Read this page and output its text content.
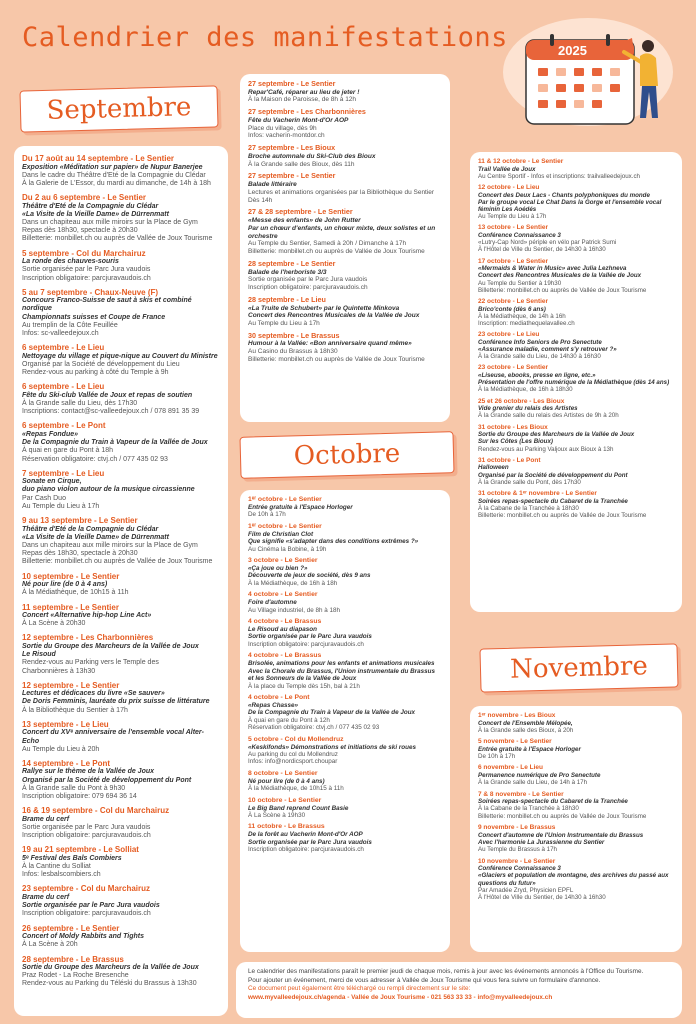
Calendrier des manifestations	2025
Septembre
Octobre
Novembre
Du 17 août au 14 septembre - Le Sentier
Exposition «Méditation sur papier» de Nupur Banerjee
Dans le cadre du Théâtre d'Eté de la Compagnie du Clédar
À la Galerie de L'Essor, du mardi au dimanche, de 14h à 18h
Du 2 au 6 septembre - Le Sentier
Théâtre d'Eté de la Compagnie du Clédar
«La Visite de la Vieille Dame» de Dürrenmatt
Dans un chapiteau aux mille miroirs sur la Place de Gym
Repas dès 18h30, spectacle à 20h30
Billetterie: monbillet.ch ou auprès de Vallée de Joux Tourisme
5 septembre - Col du Marchairuz
La ronde des chauves-souris
Sortie organisée par le Parc Jura vaudois
Inscription obligatoire: parcjuravaudois.ch
5 au 7 septembre - Chaux-Neuve (F)
Concours Franco-Suisse de saut à skis et combiné nordique
Championnats suisses et Coupe de France
Au tremplin de la Côte Feuillée
Infos: sc-valleedejoux.ch
6 septembre - Le Lieu
Nettoyage du village et pique-nique au Couvert du Ministre
Organisé par la Société de développement du Lieu
Rendez-vous au parking à côté du Temple à 9h
6 septembre - Le Lieu
Fête du Ski-club Vallée de Joux et repas de soutien
À la Grande salle du Lieu, dès 17h30
Inscriptions: contact@sc-valleedejoux.ch / 078 891 35 39
6 septembre - Le Pont
«Repas Fondue»
De la Compagnie du Train à Vapeur de la Vallée de Joux
À quai en gare du Pont à 18h
Réservation obligatoire: ctvj.ch / 077 435 02 93
7 septembre - Le Lieu
Sonate en Cirque,
duo piano violon autour de la musique circassienne
Par Cash Duo
Au Temple du Lieu à 17h
9 au 13 septembre - Le Sentier
Théâtre d'Eté de la Compagnie du Clédar
«La Visite de la Vieille Dame» de Dürrenmatt
Dans un chapiteau aux mille miroirs sur la Place de Gym
Repas dès 18h30, spectacle à 20h30
Billetterie: monbillet.ch ou auprès de Vallée de Joux Tourisme
10 septembre - Le Sentier
Né pour lire (de 0 à 4 ans)
À la Médiathèque, de 10h15 à 11h
11 septembre - Le Sentier
Concert «Alternative hip-hop Line Act»
À La Scène à 20h30
12 septembre - Les Charbonnières
Sortie du Groupe des Marcheurs de la Vallée de Joux
Le Risoud
Rendez-vous au Parking vers le Temple des
Charbonnières à 13h30
12 septembre - Le Sentier
Lectures et dédicaces du livre «Se sauver»
De Doris Femminis, lauréate du prix suisse de littérature
À la Bibliothèque du Sentier à 17h
13 septembre - Le Lieu
Concert du XVᵉ anniversaire de l'ensemble vocal Alter-Echo
Au Temple du Lieu à 20h
14 septembre - Le Pont
Rallye sur le thème de la Vallée de Joux
Organisé par la Société de développement du Pont
À la Grande salle du Pont à 9h30
Inscription obligatoire: 079 694 36 14
16 & 19 septembre - Col du Marchairuz
Brame du cerf
Sortie organisée par le Parc Jura vaudois
Inscription obligatoire: parcjuravaudois.ch
19 au 21 septembre - Le Solliat
5ᵉ Festival des Bals Combiers
À la Cantine du Solliat
Infos: lesbalscombiers.ch
23 septembre - Col du Marchairuz
Brame du cerf
Sortie organisée par le Parc Jura vaudois
Inscription obligatoire: parcjuravaudois.ch
26 septembre - Le Sentier
Concert of Moldy Rabbits and Tights
À La Scène à 20h
28 septembre - Le Brassus
Sortie du Groupe des Marcheurs de la Vallée de Joux
Praz Rodet - La Roche Bresenche
Rendez-vous au Parking du Téléski du Brassus à 13h30
27 septembre - Le Sentier
Repar'Café, réparer au lieu de jeter !
À la Maison de Paroisse, de 8h à 12h
27 septembre - Les Charbonnières
Fête du Vacherin Mont-d'Or AOP
Place du village, dès 9h
Infos: vacherin-montdor.ch
27 septembre - Les Bioux
Broche automnale du Ski-Club des Bioux
À la Grande salle des Bioux, dès 11h
27 septembre - Le Sentier
Balade littéraire
Lectures et animations organisées par la Bibliothèque du Sentier
Dès 14h
27 & 28 septembre - Le Sentier
«Messe des enfants» de John Rutter
Par un chœur d'enfants, un chœur mixte, deux solistes et un orchestre
Au Temple du Sentier, Samedi à 20h / Dimanche à 17h
Billetterie: monbillet.ch ou auprès de Vallée de Joux Tourisme
28 septembre - Le Sentier
Balade de l'herboriste 3/3
Sortie organisée par le Parc Jura vaudois
Inscription obligatoire: parcjuravaudois.ch
28 septembre - Le Lieu
«La Truite de Schubert» par le Quintette Minkova
Concert des Rencontres Musicales de la Vallée de Joux
Au Temple du Lieu à 17h
30 septembre - Le Brassus
Humour à la Vallée: «Bon anniversaire quand même»
Au Casino du Brassus à 18h30
Billetterie: monbillet.ch ou auprès de Vallée de Joux Tourisme
1ᵉʳ octobre - Le Sentier
Entrée gratuite à l'Espace Horloger
De 10h à 17h
1ᵉʳ octobre - Le Sentier
Film de Christian Clot
Que signifie «s'adapter dans des conditions extrêmes ?»
Au Cinéma la Bobine, à 19h
3 octobre - Le Sentier
«Ça joue ou bien ?»
Découverte de jeux de société, dès 9 ans
À la Médiathèque, de 16h à 18h
4 octobre - Le Sentier
Foire d'automne
Au Village industriel, de 8h à 18h
4 octobre - Le Brassus
Le Risoud au diapason
Sortie organisée par le Parc Jura vaudois
Inscription obligatoire: parcjuravaudois.ch
4 octobre - Le Brassus
Brisolée, animations pour les enfants et animations musicales
Avec la Chorale du Brassus, l'Union instrumentale du Brassus
et les Sonneurs de la Vallée de Joux
À la place du Temple dès 15h, bal à 21h
4 octobre - Le Pont
«Repas Chasse»
De la Compagnie du Train à Vapeur de la Vallée de Joux
À quai en gare du Pont à 12h
Réservation obligatoire: ctvj.ch / 077 435 02 93
5 octobre - Col du Mollendruz
«Keskifonds» Démonstrations et initiations de ski roues
Au parking du col du Mollendruz
Infos: info@nordicsport.choupar
8 octobre - Le Sentier
Né pour lire (de 0 à 4 ans)
À la Médiathèque, de 10h15 à 11h
10 octobre - Le Sentier
Le Big Band reprend Count Basie
À La Scène à 19h30
11 octobre - Le Brassus
De la forêt au Vacherin Mont-d'Or AOP
Sortie organisée par le Parc Jura vaudois
Inscription obligatoire: parcjuravaudois.ch
11 & 12 octobre - Le Sentier
Trail Vallée de Joux
Au Centre Sportif - Infos et inscriptions: trailvalleedejoux.ch
12 octobre - Le Lieu
Concert des Deux Lacs - Chants polyphoniques du monde
Par le groupe vocal Le Chat Dans la Gorge et l'ensemble vocal féminin Les Aoédés
Au Temple du Lieu à 17h
13 octobre - Le Sentier
Conférence Connaissance 3
«Lutry-Cap Nord» périple en vélo par Patrick Sumi
À l'Hôtel de Ville du Sentier, de 14h30 à 16h30
17 octobre - Le Sentier
«Mermaids & Water in Music» avec Julia Lezhneva
Concert des Rencontres Musicales de la Vallée de Joux
Au Temple du Sentier à 19h30
Billetterie: monbillet.ch ou auprès de Vallée de Joux Tourisme
22 octobre - Le Sentier
Brico'conte (dès 6 ans)
À la Médiathèque, de 14h à 16h
Inscription: mediathequelavallee.ch
23 octobre - Le Lieu
Conférence Info Seniors de Pro Senectute
«Assurance maladie, comment s'y retrouver ?»
À la Grande salle du Lieu, de 14h30 à 16h30
23 octobre - Le Sentier
«Liseuse, ebooks, presse en ligne, etc.»
Présentation de l'offre numérique de la Médiathèque (dès 14 ans)
À la Médiathèque, de 16h à 18h30
25 et 26 octobre - Les Bioux
Vide grenier du relais des Artistes
À la Grande salle du relais des Artistes de 9h à 20h
31 octobre - Les Bioux
Sortie du Groupe des Marcheurs de la Vallée de Joux
Sur les Côtes (Les Bioux)
Rendez-vous au Parking Valjoux aux Bioux à 13h
31 octobre - Le Pont
Halloween
Organisé par la Société de développement du Pont
À la Grande salle du Pont, dès 17h30
31 octobre & 1ᵉʳ novembre - Le Sentier
Soirées repas-spectacle du Cabaret de la Tranchée
À la Cabane de la Tranchée à 18h30
Billetterie: monbillet.ch ou auprès de Vallée de Joux Tourisme
1ᵉʳ novembre - Les Bioux
Concert de l'Ensemble Mélopée,
À la Grande salle des Bioux, à 20h
5 novembre - Le Sentier
Entrée gratuite à l'Espace Horloger
De 10h à 17h
6 novembre - Le Lieu
Permanence numérique de Pro Senectute
À la Grande salle du Lieu, de 14h à 17h
7 & 8 novembre - Le Sentier
Soirées repas-spectacle du Cabaret de la Tranchée
À la Cabane de la Tranchée à 18h30
Billetterie: monbillet.ch ou auprès de Vallée de Joux Tourisme
9 novembre - Le Brassus
Concert d'automne de l'Union Instrumentale du Brassus
Avec l'harmonie La Jurassienne du Sentier
Au Temple du Brassus à 17h
10 novembre - Le Sentier
Conférence Connaissance 3
«Glaciers et population de montagne, des archives du passé aux questions du futur»
Par Amadée Zryd, Physicien EPFL
À l'Hôtel de Ville du Sentier, de 14h30 à 16h30
Le calendrier des manifestations paraît le premier jeudi de chaque mois, remis à jour avec les événements annoncés à l'Office du Tourisme.
Pour ajouter un événement, merci de vous adresser à Vallée de Joux Tourisme qui vous fera suivre un formulaire d'annonce.
Ce document peut également être téléchargé ou rempli directement sur le site:
www.myvalleedejoux.ch/agenda - Vallée de Joux Tourisme - 021 563 33 33 - info@myvalleedejoux.ch
